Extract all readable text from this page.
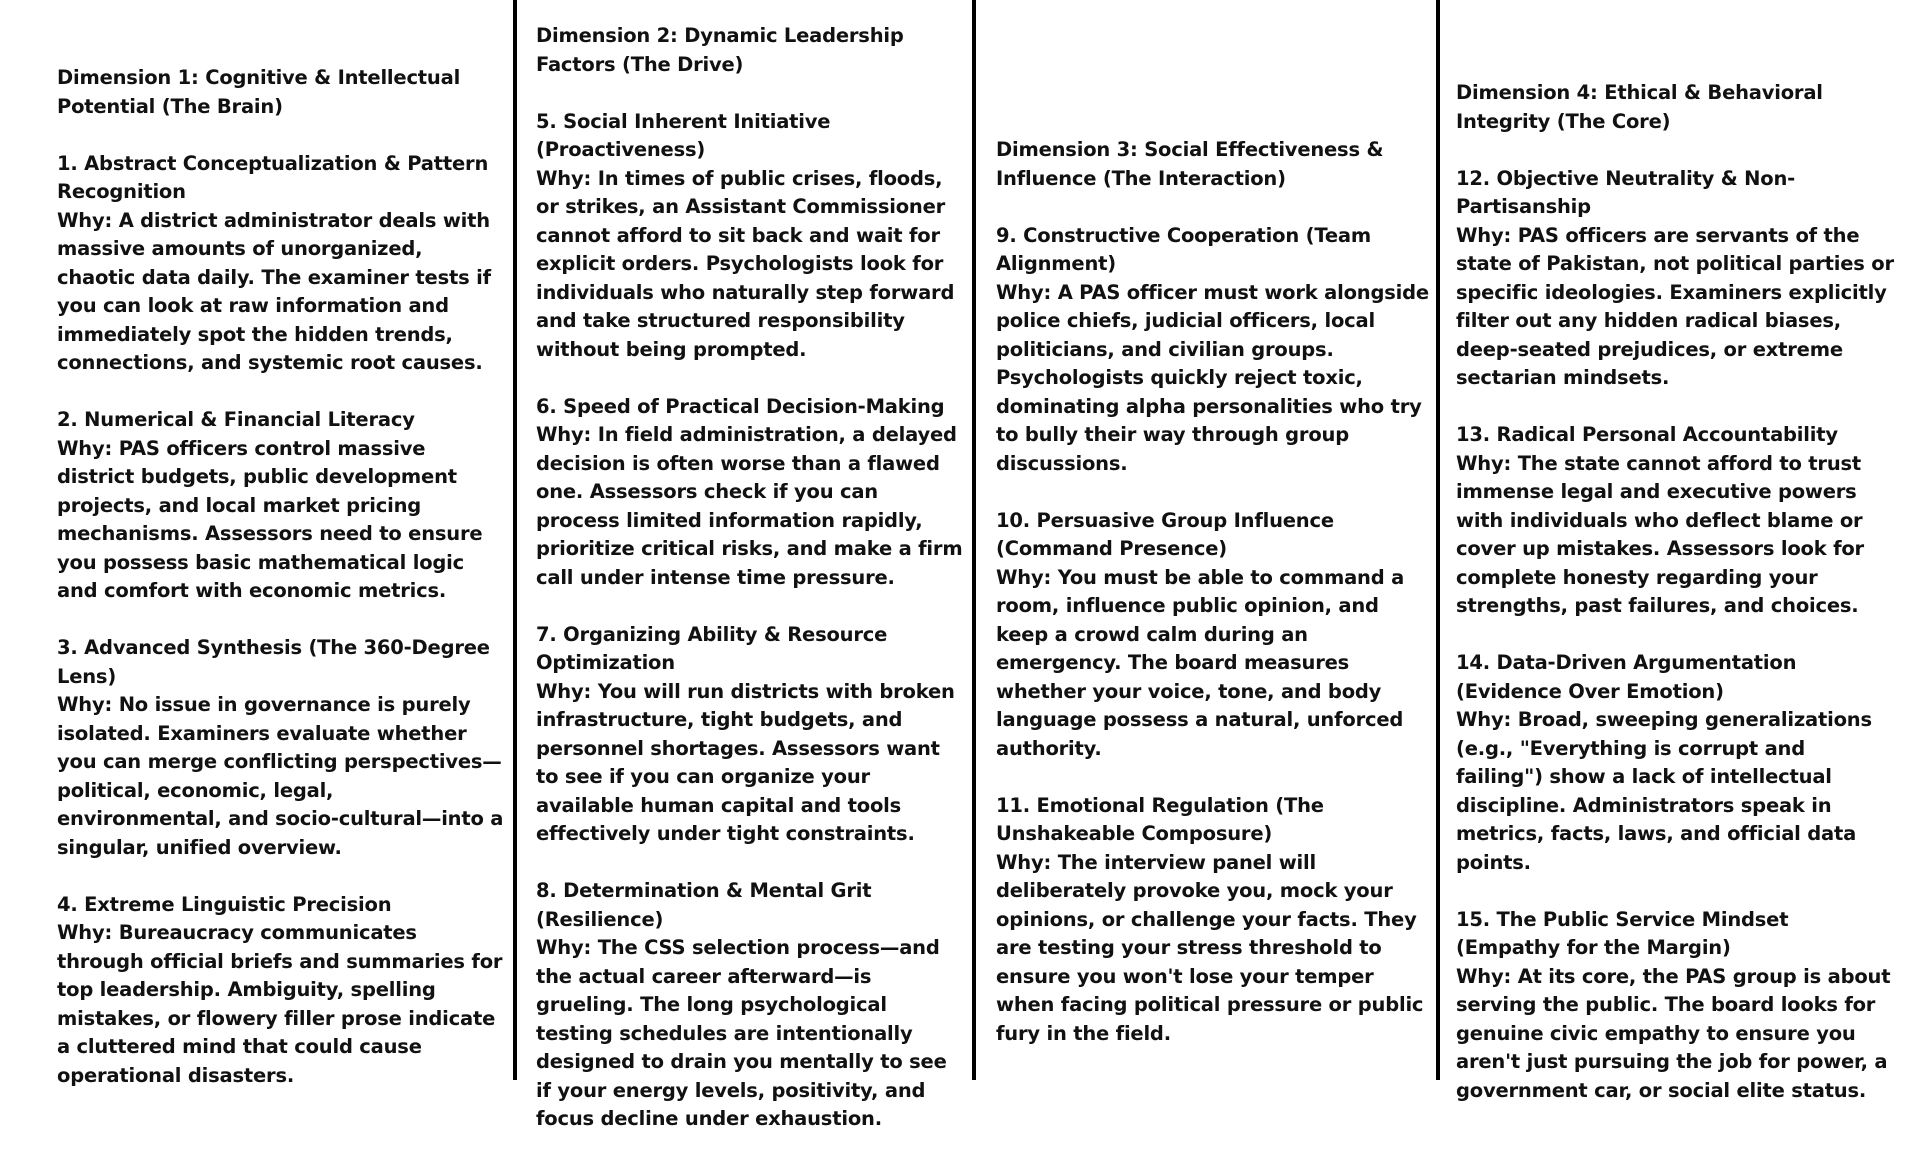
Dimension 1: Cognitive & Intellectual Potential (The Brain)
1. Abstract Conceptualization & Pattern Recognition
Why: A district administrator deals with massive amounts of unorganized, chaotic data daily. The examiner tests if you can look at raw information and immediately spot the hidden trends, connections, and systemic root causes.
2. Numerical & Financial Literacy
Why: PAS officers control massive district budgets, public development projects, and local market pricing mechanisms. Assessors need to ensure you possess basic mathematical logic and comfort with economic metrics.
3. Advanced Synthesis (The 360-Degree Lens)
Why: No issue in governance is purely isolated. Examiners evaluate whether you can merge conflicting perspectives—political, economic, legal, environmental, and socio-cultural—into a singular, unified overview.
4. Extreme Linguistic Precision
Why: Bureaucracy communicates through official briefs and summaries for top leadership. Ambiguity, spelling mistakes, or flowery filler prose indicate a cluttered mind that could cause operational disasters.
Dimension 2: Dynamic Leadership Factors (The Drive)
5. Social Inherent Initiative (Proactiveness)
Why: In times of public crises, floods, or strikes, an Assistant Commissioner cannot afford to sit back and wait for explicit orders. Psychologists look for individuals who naturally step forward and take structured responsibility without being prompted.
6. Speed of Practical Decision-Making
Why: In field administration, a delayed decision is often worse than a flawed one. Assessors check if you can process limited information rapidly, prioritize critical risks, and make a firm call under intense time pressure.
7. Organizing Ability & Resource Optimization
Why: You will run districts with broken infrastructure, tight budgets, and personnel shortages. Assessors want to see if you can organize your available human capital and tools effectively under tight constraints.
8. Determination & Mental Grit (Resilience)
Why: The CSS selection process—and the actual career afterward—is grueling. The long psychological testing schedules are intentionally designed to drain you mentally to see if your energy levels, positivity, and focus decline under exhaustion.
Dimension 3: Social Effectiveness & Influence (The Interaction)
9. Constructive Cooperation (Team Alignment)
Why: A PAS officer must work alongside police chiefs, judicial officers, local politicians, and civilian groups. Psychologists quickly reject toxic, dominating alpha personalities who try to bully their way through group discussions.
10. Persuasive Group Influence (Command Presence)
Why: You must be able to command a room, influence public opinion, and keep a crowd calm during an emergency. The board measures whether your voice, tone, and body language possess a natural, unforced authority.
11. Emotional Regulation (The Unshakeable Composure)
Why: The interview panel will deliberately provoke you, mock your opinions, or challenge your facts. They are testing your stress threshold to ensure you won't lose your temper when facing political pressure or public fury in the field.
Dimension 4: Ethical & Behavioral Integrity (The Core)
12. Objective Neutrality & Non-Partisanship
Why: PAS officers are servants of the state of Pakistan, not political parties or specific ideologies. Examiners explicitly filter out any hidden radical biases, deep-seated prejudices, or extreme sectarian mindsets.
13. Radical Personal Accountability
Why: The state cannot afford to trust immense legal and executive powers with individuals who deflect blame or cover up mistakes. Assessors look for complete honesty regarding your strengths, past failures, and choices.
14. Data-Driven Argumentation (Evidence Over Emotion)
Why: Broad, sweeping generalizations (e.g., "Everything is corrupt and failing") show a lack of intellectual discipline. Administrators speak in metrics, facts, laws, and official data points.
15. The Public Service Mindset (Empathy for the Margin)
Why: At its core, the PAS group is about serving the public. The board looks for genuine civic empathy to ensure you aren't just pursuing the job for power, a government car, or social elite status.
